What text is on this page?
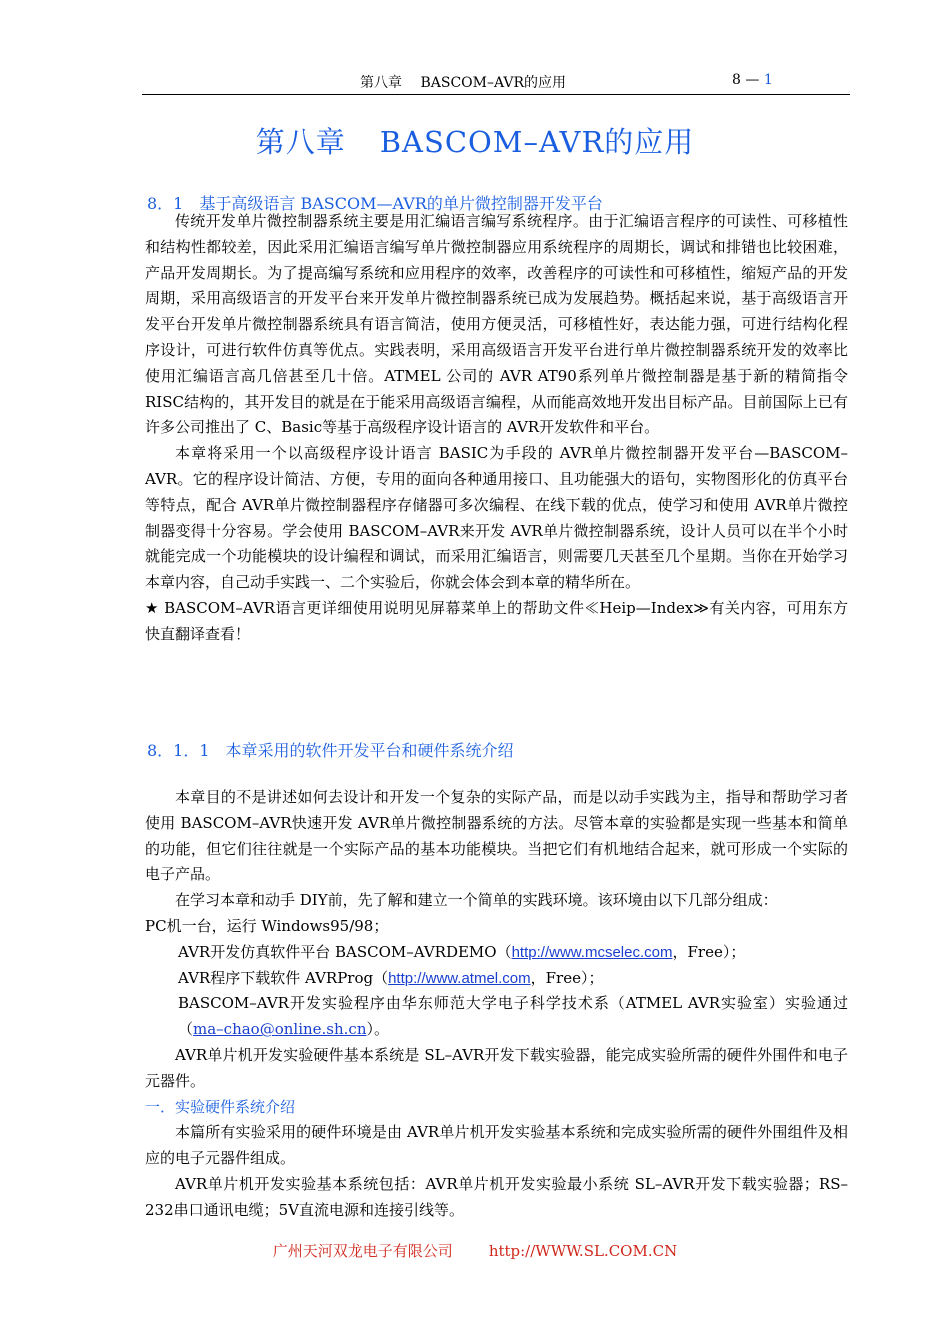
第八章　 BASCOM–AVR的应用	8 — 1
第八章 BASCOM–AVR的应用
8．1　基于高级语言 BASCOM—AVR的单片微控制器开发平台

传统开发单片微控制器系统主要是用汇编语言编写系统程序。由于汇编语言程序的可读性、可移植性和结构性都较差，因此采用汇编语言编写单片微控制器应用系统程序的周期长，调试和排错也比较困难，产品开发周期长。为了提高编写系统和应用程序的效率，改善程序的可读性和可移植性，缩短产品的开发周期，采用高级语言的开发平台来开发单片微控制器系统已成为发展趋势。概括起来说，基于高级语言开发平台开发单片微控制器系统具有语言简洁，使用方便灵活，可移植性好，表达能力强，可进行结构化程序设计，可进行软件仿真等优点。实践表明，采用高级语言开发平台进行单片微控制器系统开发的效率比使用汇编语言高几倍甚至几十倍。ATMEL 公司的 AVR AT90系列单片微控制器是基于新的精简指令 RISC结构的，其开发目的就是在于能采用高级语言编程，从而能高效地开发出目标产品。目前国际上已有许多公司推出了 C、Basic等基于高级程序设计语言的 AVR开发软件和平台。

本章将采用一个以高级程序设计语言 BASIC为手段的 AVR单片微控制器开发平台—BASCOM–AVR。它的程序设计简洁、方便，专用的面向各种通用接口、且功能强大的语句，实物图形化的仿真平台等特点，配合 AVR单片微控制器程序存储器可多次编程、在线下载的优点，使学习和使用 AVR单片微控制器变得十分容易。学会使用 BASCOM–AVR来开发 AVR单片微控制器系统，设计人员可以在半个小时就能完成一个功能模块的设计编程和调试，而采用汇编语言，则需要几天甚至几个星期。当你在开始学习本章内容，自己动手实践一、二个实验后，你就会体会到本章的精华所在。

★ BASCOM–AVR语言更详细使用说明见屏幕菜单上的帮助文件≪Heip—Index≫有关内容，可用东方快直翻译查看！

8．1．1　本章采用的软件开发平台和硬件系统介绍

本章目的不是讲述如何去设计和开发一个复杂的实际产品，而是以动手实践为主，指导和帮助学习者使用 BASCOM–AVR快速开发 AVR单片微控制器系统的方法。尽管本章的实验都是实现一些基本和简单的功能，但它们往往就是一个实际产品的基本功能模块。当把它们有机地结合起来，就可形成一个实际的电子产品。

在学习本章和动手 DIY前，先了解和建立一个简单的实践环境。该环境由以下几部分组成：

PC机一台，运行 Windows95/98；

AVR开发仿真软件平台 BASCOM–AVRDEMO（http://www.mcselec.com，Free）；

AVR程序下载软件 AVRProg（http://www.atmel.com，Free）；

BASCOM–AVR开发实验程序由华东师范大学电子科学技术系（ATMEL AVR实验室）实验通过（ma–chao@online.sh.cn）。

AVR单片机开发实验硬件基本系统是 SL–AVR开发下载实验器，能完成实验所需的硬件外围件和电子元器件。

一．实验硬件系统介绍

本篇所有实验采用的硬件环境是由 AVR单片机开发实验基本系统和完成实验所需的硬件外围组件及相应的电子元器件组成。

AVR单片机开发实验基本系统包括：AVR单片机开发实验最小系统 SL–AVR开发下载实验器；RS–232串口通讯电缆；5V直流电源和连接引线等。

广州天河双龙电子有限公司 http://WWW.SL.COM.CN
